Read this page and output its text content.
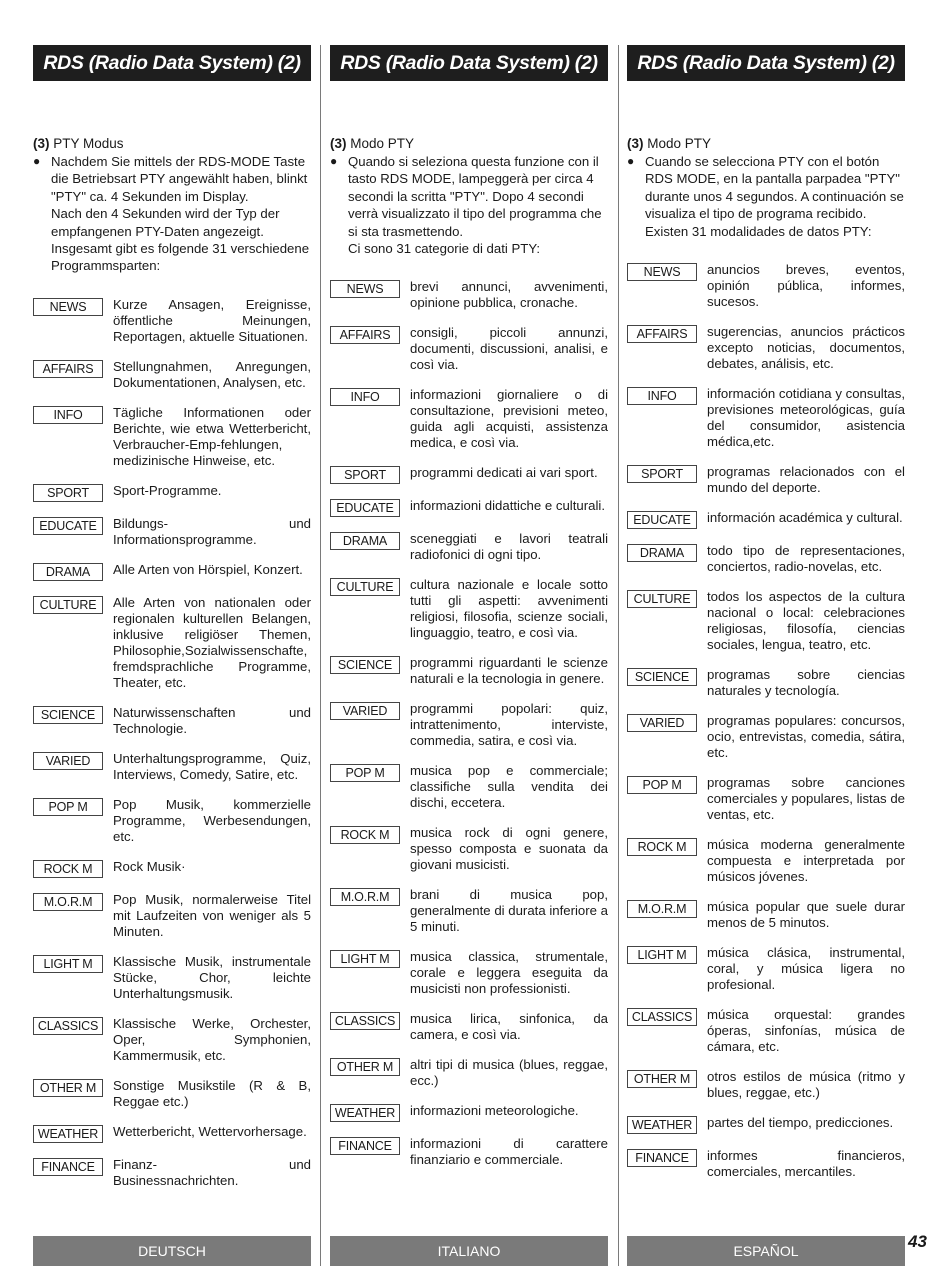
RDS (Radio Data System) (2)
(3) PTY Modus
● Nachdem Sie mittels der RDS-MODE Taste die Betriebsart PTY angewählt haben, blinkt "PTY" ca. 4 Sekunden im Display.
Nach den 4 Sekunden wird der Typ der empfangenen PTY-Daten angezeigt.
Insgesamt gibt es folgende 31 verschiedene Programmsparten:
NEWS	Kurze Ansagen, Ereignisse, öffentliche Meinungen, Reportagen, aktuelle Situationen.
AFFAIRS	Stellungnahmen, Anregungen, Dokumentationen, Analysen, etc.
INFO	Tägliche Informationen oder Berichte, wie etwa Wetterbericht, Verbraucher-Emp-fehlungen, medizinische Hinweise, etc.
SPORT	Sport-Programme.
EDUCATE	Bildungs- und Informationsprogramme.
DRAMA	Alle Arten von Hörspiel, Konzert.
CULTURE	Alle Arten von nationalen oder regionalen kulturellen Belangen, inklusive religiöser Themen, Philosophie,Sozialwissenschafte, fremdsprachliche Programme, Theater, etc.
SCIENCE	Naturwissenschaften und Technologie.
VARIED	Unterhaltungsprogramme, Quiz, Interviews, Comedy, Satire, etc.
POP M	Pop Musik, kommerzielle Programme, Werbesendungen, etc.
ROCK M	Rock Musik·
M.O.R.M	Pop Musik, normalerweise Titel mit Laufzeiten von weniger als 5 Minuten.
LIGHT M	Klassische Musik, instrumentale Stücke, Chor, leichte Unterhaltungsmusik.
CLASSICS	Klassische Werke, Orchester, Oper, Symphonien, Kammermusik, etc.
OTHER M	Sonstige Musikstile (R & B, Reggae etc.)
WEATHER	Wetterbericht, Wettervorhersage.
FINANCE	Finanz- und Businessnachrichten.
RDS (Radio Data System) (2)
(3) Modo PTY
● Quando si seleziona questa funzione con il tasto RDS MODE, lampeggerà per circa 4 secondi la scritta "PTY". Dopo 4 secondi verrà visualizzato il tipo del programma che si sta trasmettendo.
Ci sono 31 categorie di dati PTY:
NEWS	brevi annunci, avvenimenti, opinione pubblica, cronache.
AFFAIRS	consigli, piccoli annunzi, documenti, discussioni, analisi, e così via.
INFO	informazioni giornaliere o di consultazione, previsioni meteo, guida agli acquisti, assistenza medica, e così via.
SPORT	programmi dedicati ai vari sport.
EDUCATE	informazioni didattiche e culturali.
DRAMA	sceneggiati e lavori teatrali radiofonici di ogni tipo.
CULTURE	cultura nazionale e locale sotto tutti gli aspetti: avvenimenti religiosi, filosofia, scienze sociali, linguaggio, teatro, e così via.
SCIENCE	programmi riguardanti le scienze naturali e la tecnologia in genere.
VARIED	programmi popolari: quiz, intrattenimento, interviste, commedia, satira, e così via.
POP M	musica pop e commerciale; classifiche sulla vendita dei dischi, eccetera.
ROCK M	musica rock di ogni genere, spesso composta e suonata da giovani musicisti.
M.O.R.M	brani di musica pop, generalmente di durata inferiore a 5 minuti.
LIGHT M	musica classica, strumentale, corale e leggera eseguita da musicisti non professionisti.
CLASSICS	musica lirica, sinfonica, da camera, e così via.
OTHER M	altri tipi di musica (blues, reggae, ecc.)
WEATHER	informazioni meteorologiche.
FINANCE	informazioni di carattere finanziario e commerciale.
RDS (Radio Data System) (2)
(3) Modo PTY
● Cuando se selecciona PTY con el botón RDS MODE, en la pantalla parpadea "PTY" durante unos 4 segundos. A continuación se visualiza el tipo de programa recibido. Existen 31 modalidades de datos PTY:
NEWS	anuncios breves, eventos, opinión pública, informes, sucesos.
AFFAIRS	sugerencias, anuncios prácticos excepto noticias, documentos, debates, análisis, etc.
INFO	información cotidiana y consultas, previsiones meteorológicas, guía del consumidor, asistencia médica,etc.
SPORT	programas relacionados con el mundo del deporte.
EDUCATE	información académica y cultural.
DRAMA	todo tipo de representaciones, conciertos, radio-novelas, etc.
CULTURE	todos los aspectos de la cultura nacional o local: celebraciones religiosas, filosofía, ciencias sociales, lengua, teatro, etc.
SCIENCE	programas sobre ciencias naturales y tecnología.
VARIED	programas populares: concursos, ocio, entrevistas, comedia, sátira, etc.
POP M	programas sobre canciones comerciales y populares, listas de ventas, etc.
ROCK M	música moderna generalmente compuesta e interpretada por músicos jóvenes.
M.O.R.M	música popular que suele durar menos de 5 minutos.
LIGHT M	música clásica, instrumental, coral, y música ligera no profesional.
CLASSICS	música orquestal: grandes óperas, sinfonías, música de cámara, etc.
OTHER M	otros estilos de música (ritmo y blues, reggae, etc.)
WEATHER	partes del tiempo, predicciones.
FINANCE	informes financieros, comerciales, mercantiles.
DEUTSCH	ITALIANO	ESPAÑOL	43
